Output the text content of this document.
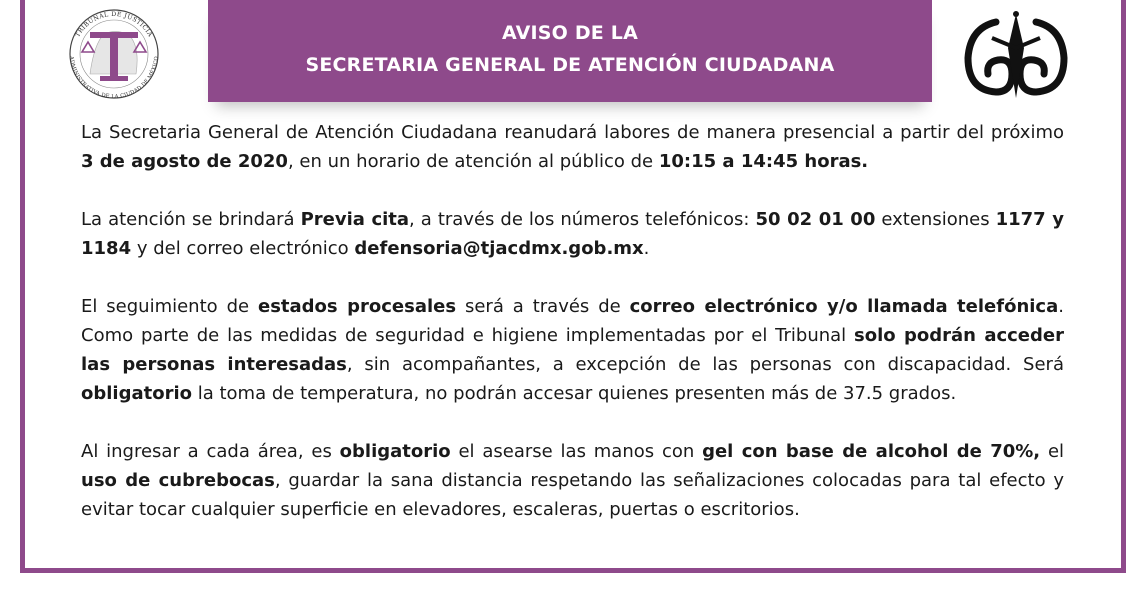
TRIBUNAL DE JUSTICIA
ADMINISTRATIVA DE LA CIUDAD DE MÉXICO
AVISO DE LA
SECRETARIA GENERAL DE ATENCIÓN CIUDADANA

La Secretaria General de Atención Ciudadana reanudará labores de manera presencial a partir del próximo 3 de agosto de 2020, en un horario de atención al público de 10:15 a 14:45 horas.

La atención se brindará Previa cita, a través de los números telefónicos: 50 02 01 00 extensiones 1177 y 1184 y del correo electrónico defensoria@tjacdmx.gob.mx.

El seguimiento de estados procesales será a través de correo electrónico y/o llamada telefónica. Como parte de las medidas de seguridad e higiene implementadas por el Tribunal solo podrán acceder las personas interesadas, sin acompañantes, a excepción de las personas con discapacidad. Será obligatorio la toma de temperatura, no podrán accesar quienes presenten más de 37.5 grados.

Al ingresar a cada área, es obligatorio el asearse las manos con gel con base de alcohol de 70%, el uso de cubrebocas, guardar la sana distancia respetando las señalizaciones colocadas para tal efecto y evitar tocar cualquier superficie en elevadores, escaleras, puertas o escritorios.
